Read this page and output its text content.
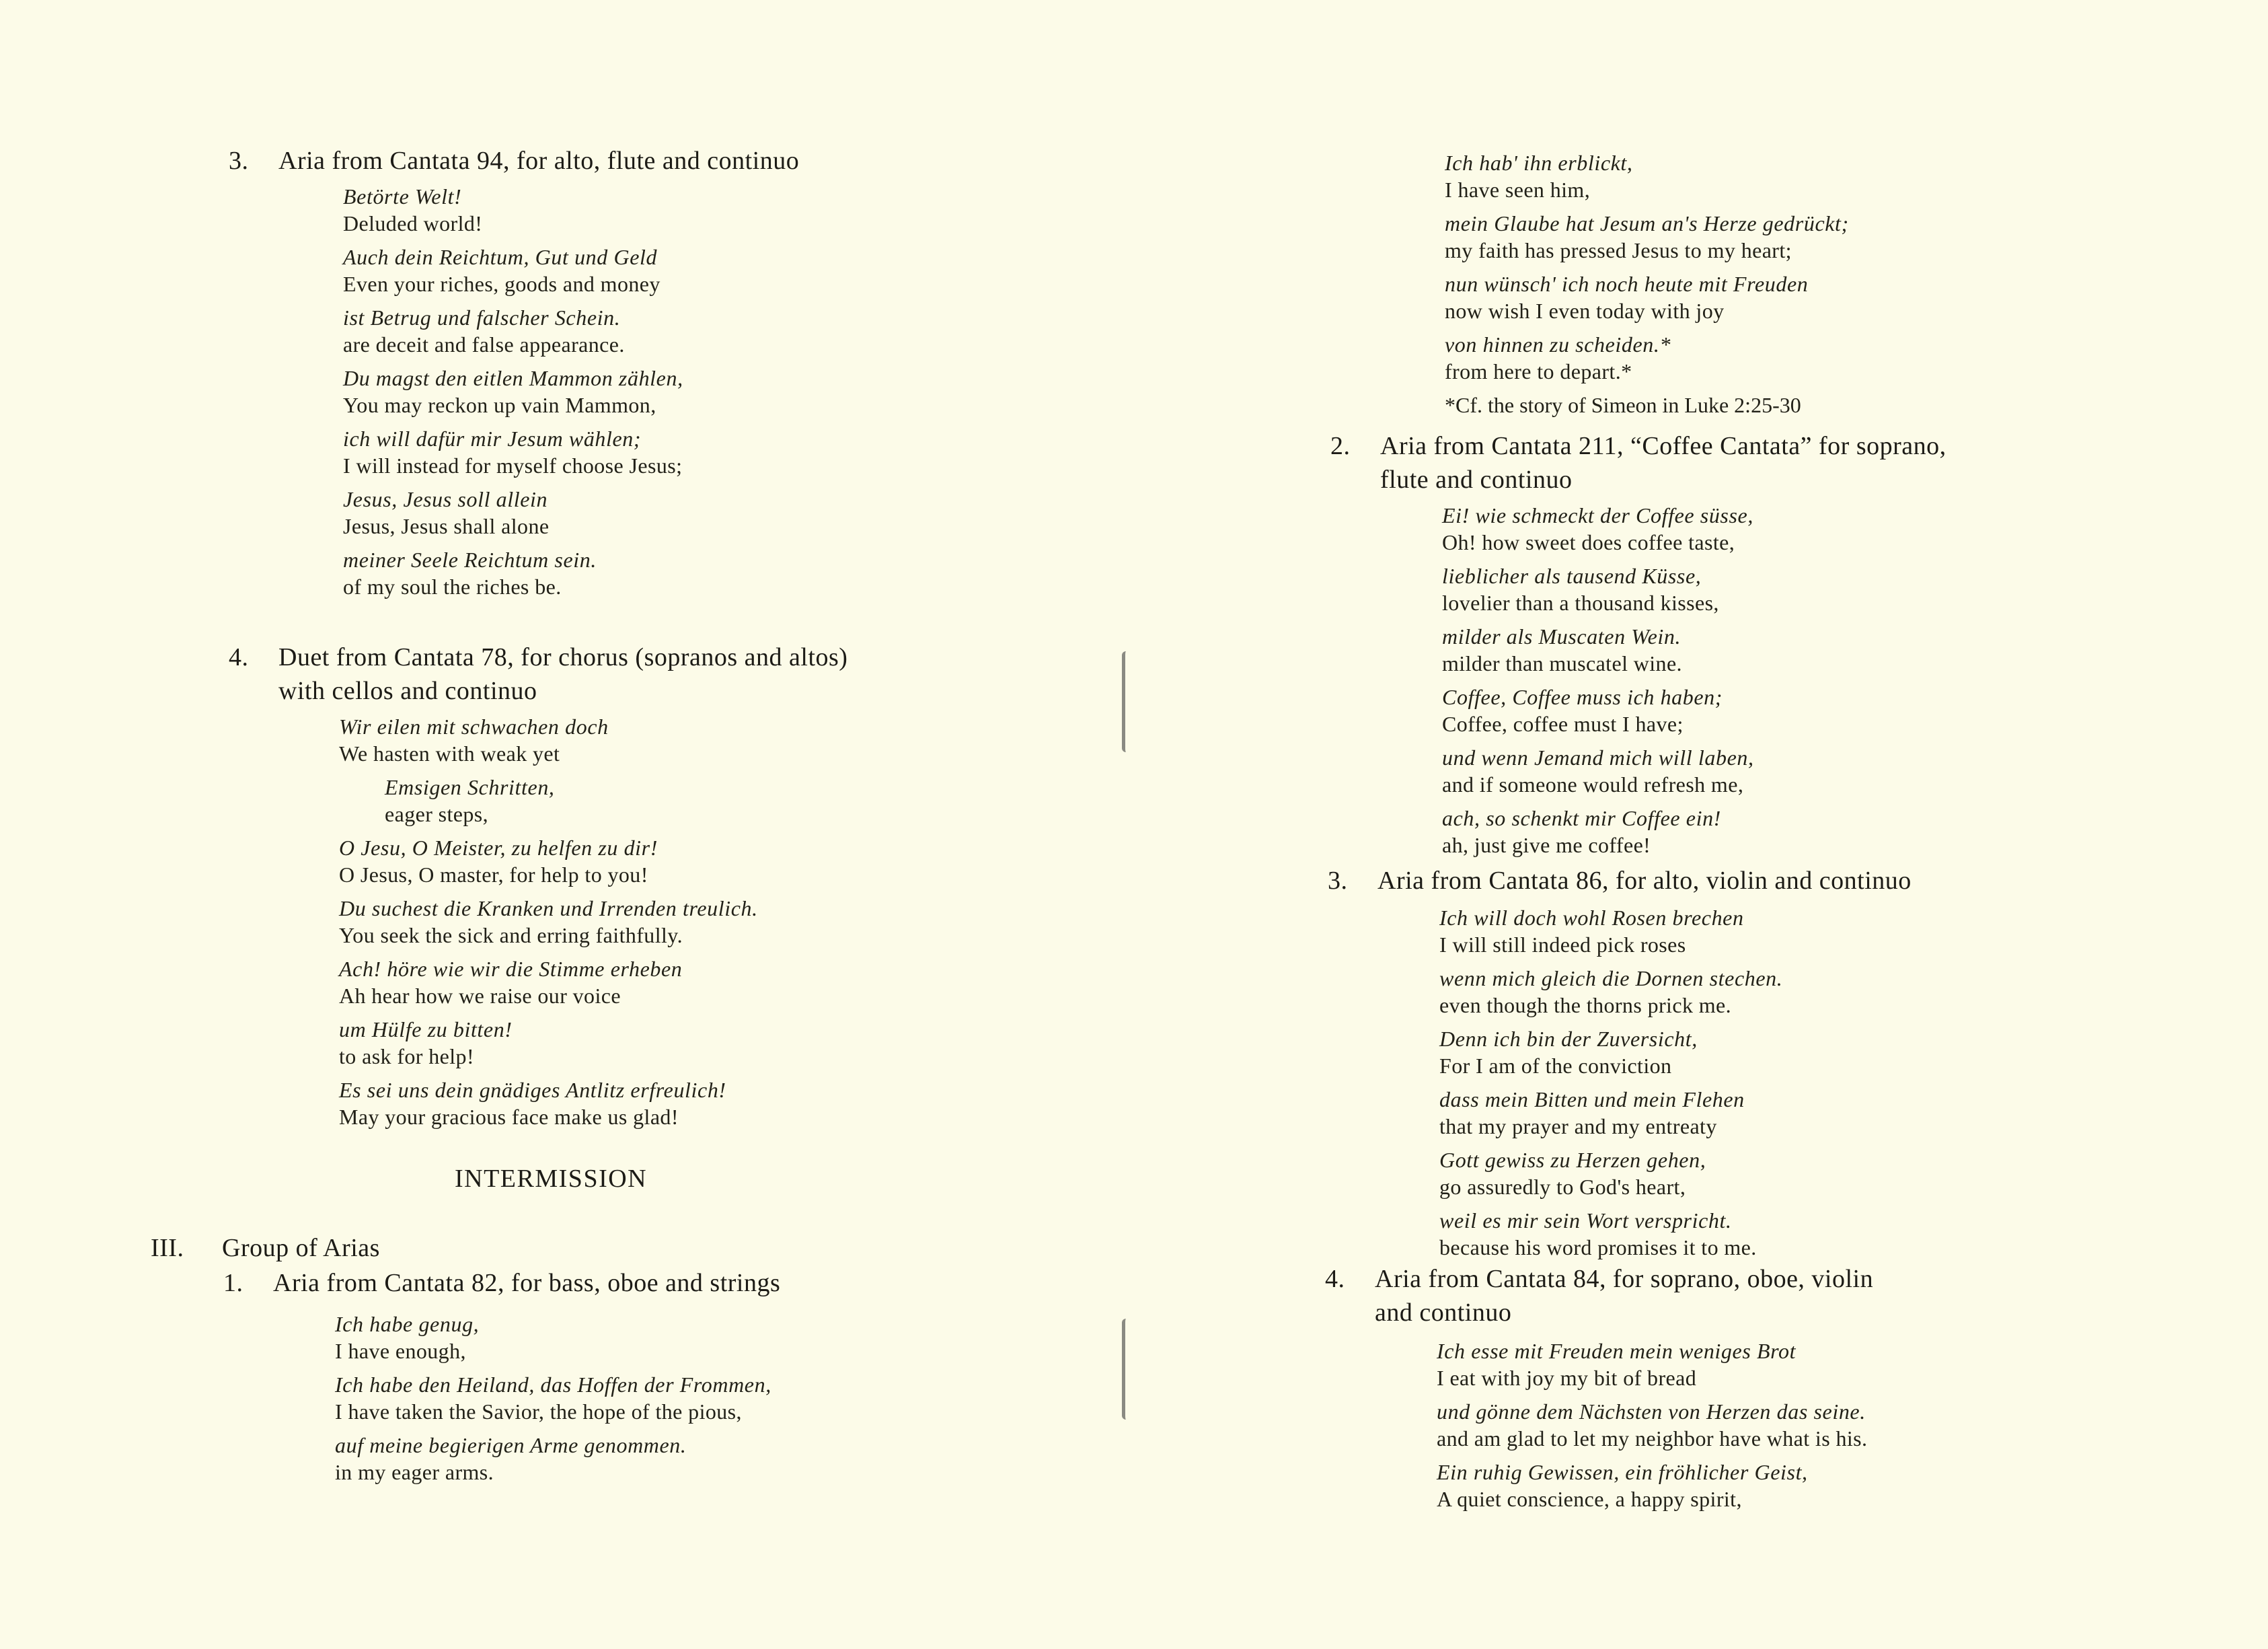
3. Aria from Cantata 94, for alto, flute and continuo
Betörte Welt!
Deluded world!
Auch dein Reichtum, Gut und Geld
Even your riches, goods and money
ist Betrug und falscher Schein.
are deceit and false appearance.
Du magst den eitlen Mammon zählen,
You may reckon up vain Mammon,
ich will dafür mir Jesum wählen;
I will instead for myself choose Jesus;
Jesus, Jesus soll allein
Jesus, Jesus shall alone
meiner Seele Reichtum sein.
of my soul the riches be.
4. Duet from Cantata 78, for chorus (sopranos and altos)
with cellos and continuo
Wir eilen mit schwachen doch
We hasten with weak yet
Emsigen Schritten,
eager steps,
O Jesu, O Meister, zu helfen zu dir!
O Jesus, O master, for help to you!
Du suchest die Kranken und Irrenden treulich.
You seek the sick and erring faithfully.
Ach! höre wie wir die Stimme erheben
Ah hear how we raise our voice
um Hülfe zu bitten!
to ask for help!
Es sei uns dein gnädiges Antlitz erfreulich!
May your gracious face make us glad!
INTERMISSION
III. Group of Arias
1. Aria from Cantata 82, for bass, oboe and strings
Ich habe genug,
I have enough,
Ich habe den Heiland, das Hoffen der Frommen,
I have taken the Savior, the hope of the pious,
auf meine begierigen Arme genommen.
in my eager arms.
Ich hab' ihn erblickt,
I have seen him,
mein Glaube hat Jesum an's Herze gedrückt;
my faith has pressed Jesus to my heart;
nun wünsch' ich noch heute mit Freuden
now wish I even today with joy
von hinnen zu scheiden.*
from here to depart.*
*Cf. the story of Simeon in Luke 2:25-30
2. Aria from Cantata 211, “Coffee Cantata” for soprano,
flute and continuo
Ei! wie schmeckt der Coffee süsse,
Oh! how sweet does coffee taste,
lieblicher als tausend Küsse,
lovelier than a thousand kisses,
milder als Muscaten Wein.
milder than muscatel wine.
Coffee, Coffee muss ich haben;
Coffee, coffee must I have;
und wenn Jemand mich will laben,
and if someone would refresh me,
ach, so schenkt mir Coffee ein!
ah, just give me coffee!
3. Aria from Cantata 86, for alto, violin and continuo
Ich will doch wohl Rosen brechen
I will still indeed pick roses
wenn mich gleich die Dornen stechen.
even though the thorns prick me.
Denn ich bin der Zuversicht,
For I am of the conviction
dass mein Bitten und mein Flehen
that my prayer and my entreaty
Gott gewiss zu Herzen gehen,
go assuredly to God's heart,
weil es mir sein Wort verspricht.
because his word promises it to me.
4. Aria from Cantata 84, for soprano, oboe, violin
and continuo
Ich esse mit Freuden mein weniges Brot
I eat with joy my bit of bread
und gönne dem Nächsten von Herzen das seine.
and am glad to let my neighbor have what is his.
Ein ruhig Gewissen, ein fröhlicher Geist,
A quiet conscience, a happy spirit,
